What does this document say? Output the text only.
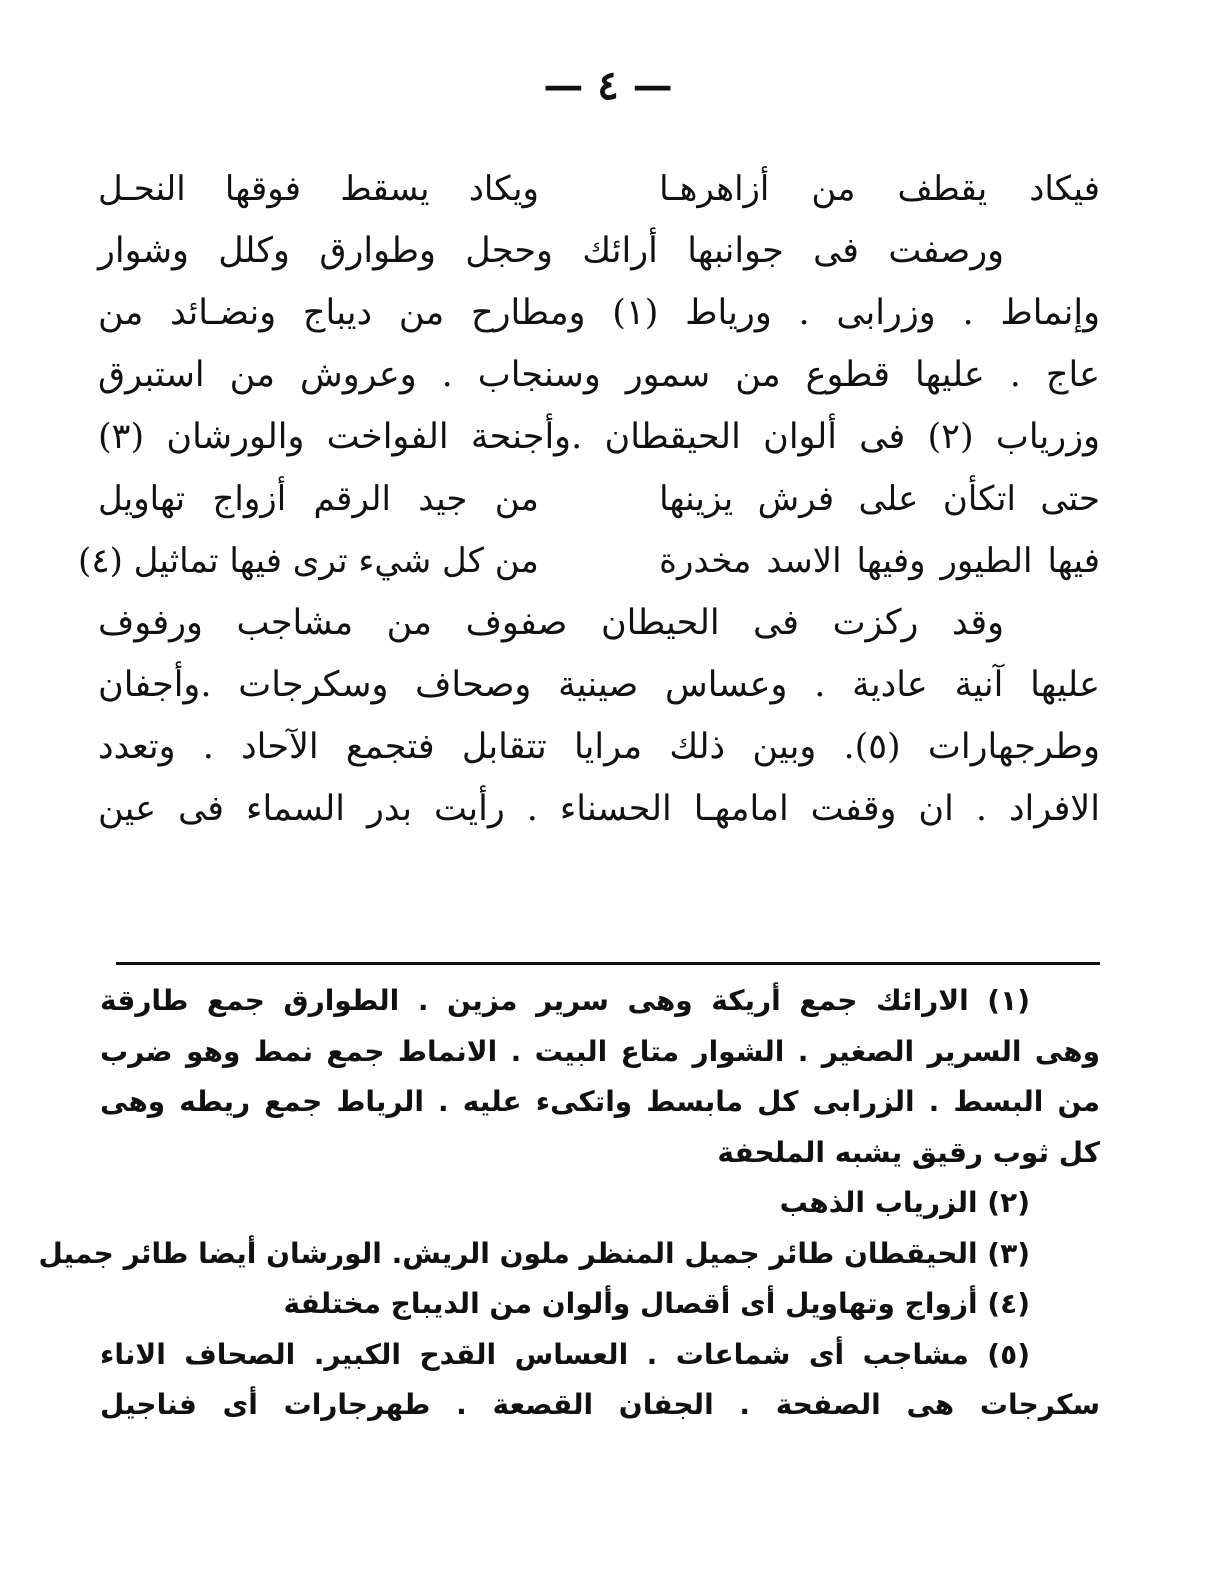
— ٤ —
فيكاد يقطف من أزاهرهـا
ويكاد يسقط فوقها النحـل
ورصفت فى جوانبها أرائك وحجل وطوارق وكلل وشوار
وإنماط . وزرابى . ورياط (١) ومطارح من ديباج ونضـائد من
عاج . عليها قطوع من سمور وسنجاب . وعروش من استبرق
وزرياب (٢) فى ألوان الحيقطان .وأجنحة الفواخت والورشان (٣)
حتى اتكأن على فرش يزينها
من جيد الرقم أزواج تهاويل
فيها الطيور وفيها الاسد مخدرة
من كل شيء ترى فيها تماثيل (٤)
وقد ركزت فى الحيطان صفوف من مشاجب ورفوف
عليها آنية عادية . وعساس صينية وصحاف وسكرجات .وأجفان
وطرجهارات (٥). وبين ذلك مرايا تتقابل فتجمع الآحاد . وتعدد
الافراد . ان وقفت امامهـا الحسناء . رأيت بدر السماء فى عين
(١) الارائك جمع أريكة وهى سرير مزين . الطوارق جمع طارقة
وهى السرير الصغير . الشوار متاع البيت . الانماط جمع نمط وهو ضرب
من البسط . الزرابى كل مابسط واتكىء عليه . الرياط جمع ريطه وهى
كل ثوب رقيق يشبه الملحفة
(٢) الزرياب الذهب
(٣) الحيقطان طائر جميل المنظر ملون الريش. الورشان أيضا طائر جميل
(٤) أزواج وتهاويل أى أقصال وألوان من الديباج مختلفة
(٥) مشاجب أى شماعات . العساس القدح الكبير. الصحاف الاناء
سكرجات هى الصفحة . الجفان القصعة . طهرجارات أى فناجيل
